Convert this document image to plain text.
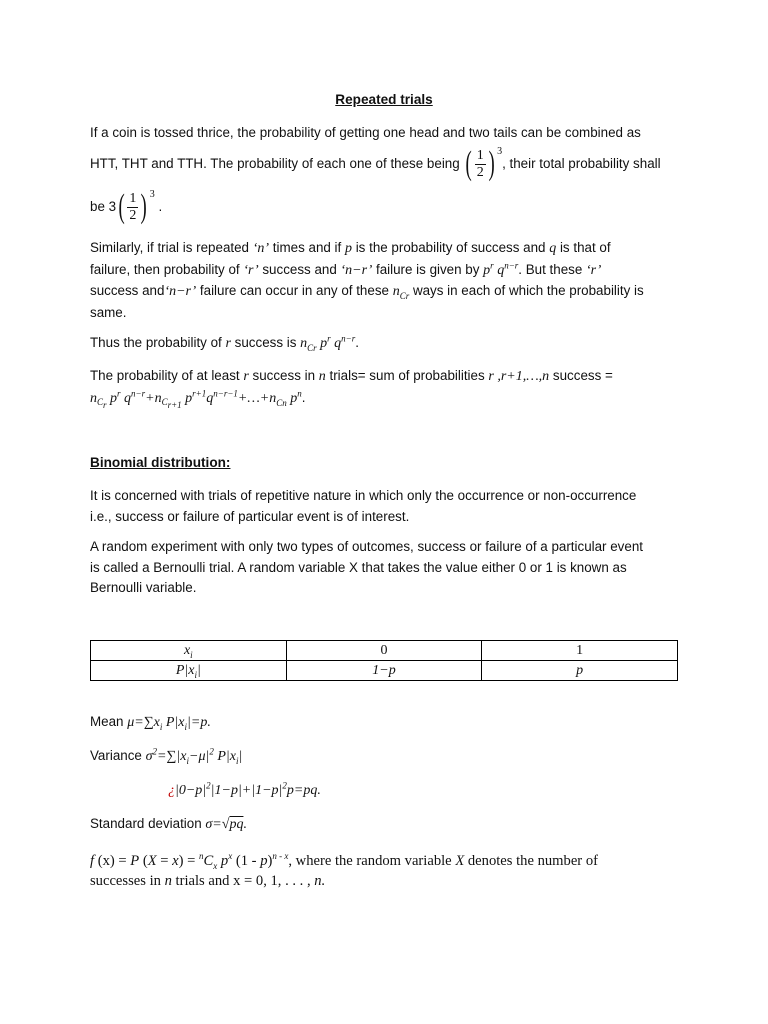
Repeated trials

If a coin is tossed thrice, the probability of getting one head and two tails can be combined as

HTT, THT and TTH. The probability of each one of these being ( $\frac{1}{2}$ ) $^3$, their total probability shall

be $3( \frac{1}{2}$ ) $^3$ .

Similarly, if trial is repeated ‘n’ times and if p is the probability of success and q is that of
failure, then probability of ‘r’ success and ‘n−r’ failure is given by $p^r$ $q^{n-r}$. But these ‘r’
success and‘n−r’ failure can occur in any of these $n_{Cr}$ ways in each of which the probability is
same.

Thus the probability of r success is $n_{Cr}$ $p^r$ $q^{n-r}$.

The probability of at least r success in n trials= sum of probabilities r ,r+1,…,n success =
$n_{C_r}$ $p^r$ $q^{n-r}+n_{C_{r+1}}$ $p^{r+1}q^{n-r-1}+\dots+n_{Cn}$ $p^n$.

Binomial distribution:

It is concerned with trials of repetitive nature in which only the occurrence or non-occurrence
i.e., success or failure of particular event is of interest.

A random experiment with only two types of outcomes, success or failure of a particular event
is called a Bernoulli trial. A random variable X that takes the value either 0 or 1 is known as
Bernoulli variable.

$x_i$	0	1
$P|x_i|$	1−p	p

Mean $\mu=\sum x_i$ $P|x_i|=p$.

Variance $\sigma^2=\sum|x_i-\mu|^2$ $P|x_i|$

¿$|0-p|^2|1-p|+|1-p|^2p=pq$.

Standard deviation σ=√pq.

f (x) = P $(X = x) = ^nC_x$ $p^x$ (1 - p)$^{n - x}$, where the random variable X denotes the number of
successes in n trials and x = 0, 1, . . . , n.
